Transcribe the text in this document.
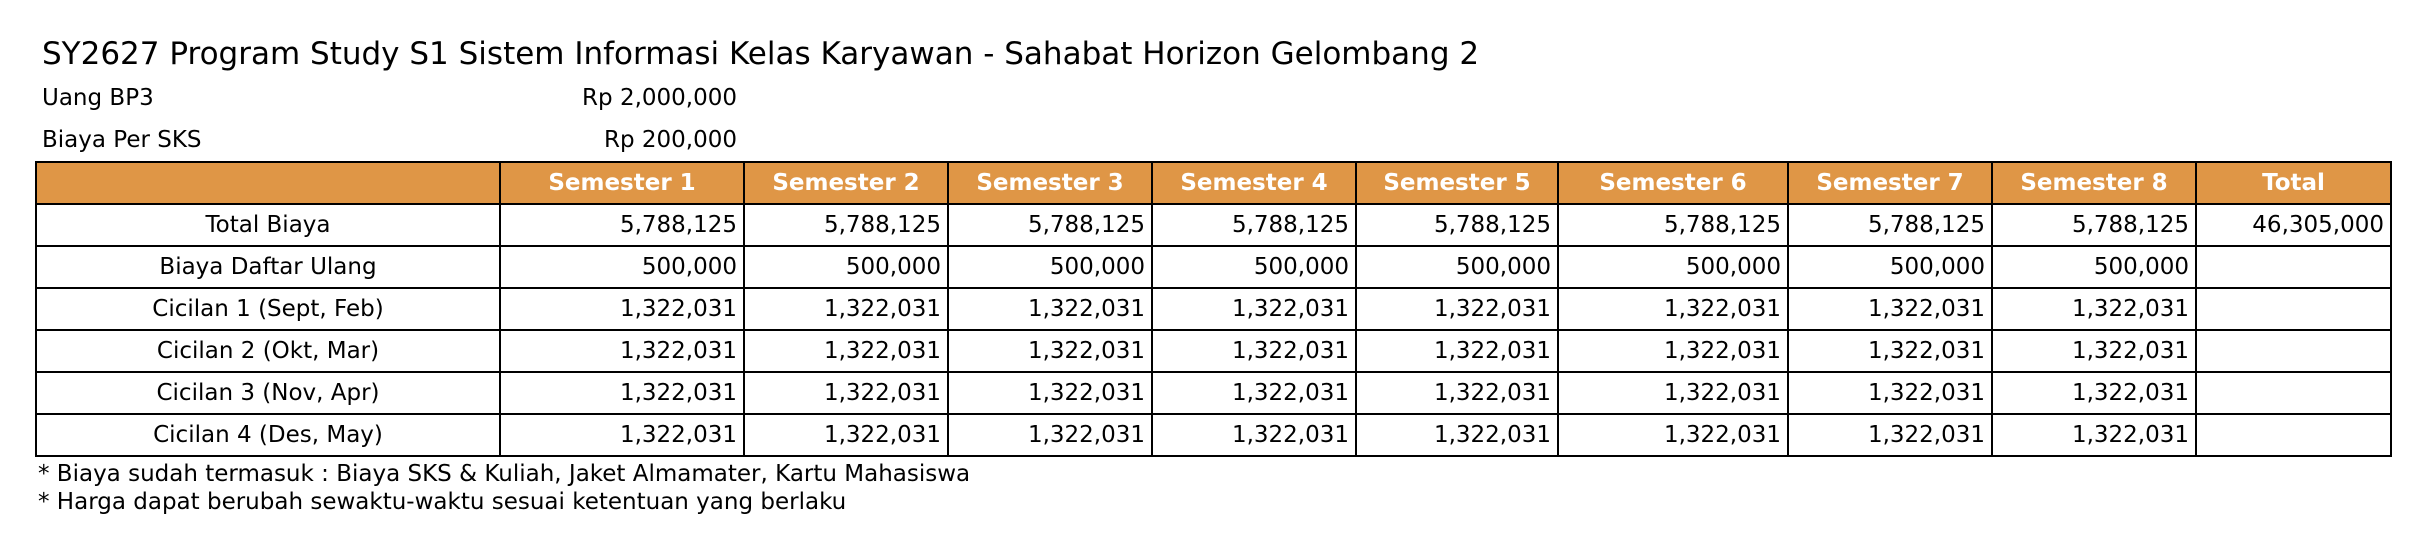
SY2627 Program Study S1 Sistem Informasi Kelas Karyawan - Sahabat Horizon Gelombang 2
Uang BP3	Rp 2,000,000
Biaya Per SKS	Rp 200,000
	Semester 1	Semester 2	Semester 3	Semester 4	Semester 5	Semester 6	Semester 7	Semester 8	Total
Total Biaya	5,788,125	5,788,125	5,788,125	5,788,125	5,788,125	5,788,125	5,788,125	5,788,125	46,305,000
Biaya Daftar Ulang	500,000	500,000	500,000	500,000	500,000	500,000	500,000	500,000	
Cicilan 1 (Sept, Feb)	1,322,031	1,322,031	1,322,031	1,322,031	1,322,031	1,322,031	1,322,031	1,322,031	
Cicilan 2 (Okt, Mar)	1,322,031	1,322,031	1,322,031	1,322,031	1,322,031	1,322,031	1,322,031	1,322,031	
Cicilan 3 (Nov, Apr)	1,322,031	1,322,031	1,322,031	1,322,031	1,322,031	1,322,031	1,322,031	1,322,031	
Cicilan 4 (Des, May)	1,322,031	1,322,031	1,322,031	1,322,031	1,322,031	1,322,031	1,322,031	1,322,031	
* Biaya sudah termasuk : Biaya SKS & Kuliah, Jaket Almamater, Kartu Mahasiswa
* Harga dapat berubah sewaktu-waktu sesuai ketentuan yang berlaku
